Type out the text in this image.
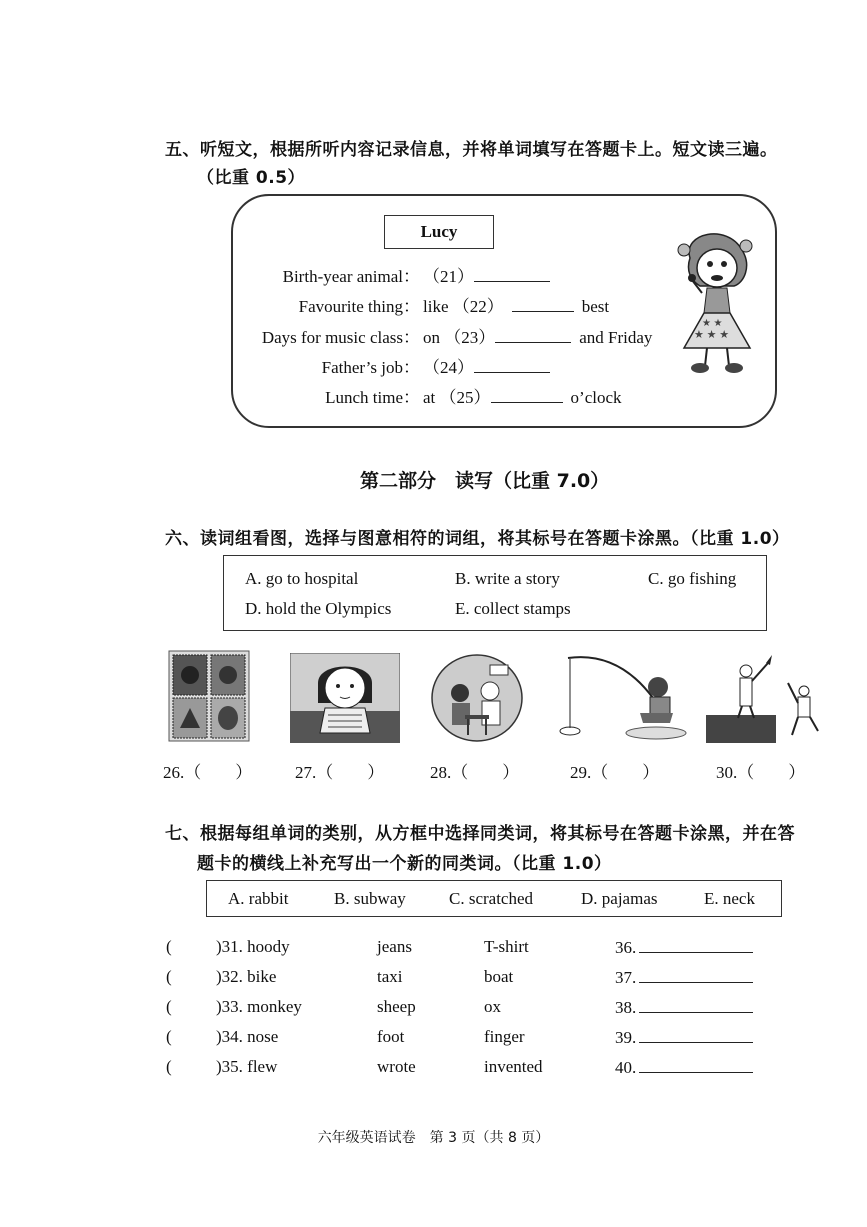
五、听短文，根据所听内容记录信息，并将单词填写在答题卡上。短文读三遍。
（比重 0.5）
Lucy
Birth-year animal： （21）
Favourite thing： like （22）	best
Days for music class： on （23）	and Friday
Father’s job： （24）
Lunch time： at （25）	o’clock
★ ★ ★
★ ★
第二部分　读写（比重 7.0）
六、读词组看图，选择与图意相符的词组，将其标号在答题卡涂黑。（比重 1.0）
A. go to hospital	B. write a story	C. go fishing
D. hold the Olympics	E. collect stamps
26.（　　）	27.（　　）	28.（　　）	29.（　　）	30.（　　）
七、根据每组单词的类别，从方框中选择同类词，将其标号在答题卡涂黑，并在答
题卡的横线上补充写出一个新的同类词。（比重 1.0）
A. rabbit	B. subway	C. scratched	D. pajamas	E. neck
(	)31. hoody	jeans	T-shirt	36.
(	)32. bike	taxi	boat	37.
(	)33. monkey	sheep	ox	38.
(	)34. nose	foot	finger	39.
(	)35. flew	wrote	invented	40.
六年级英语试卷　第 3 页（共 8 页）
